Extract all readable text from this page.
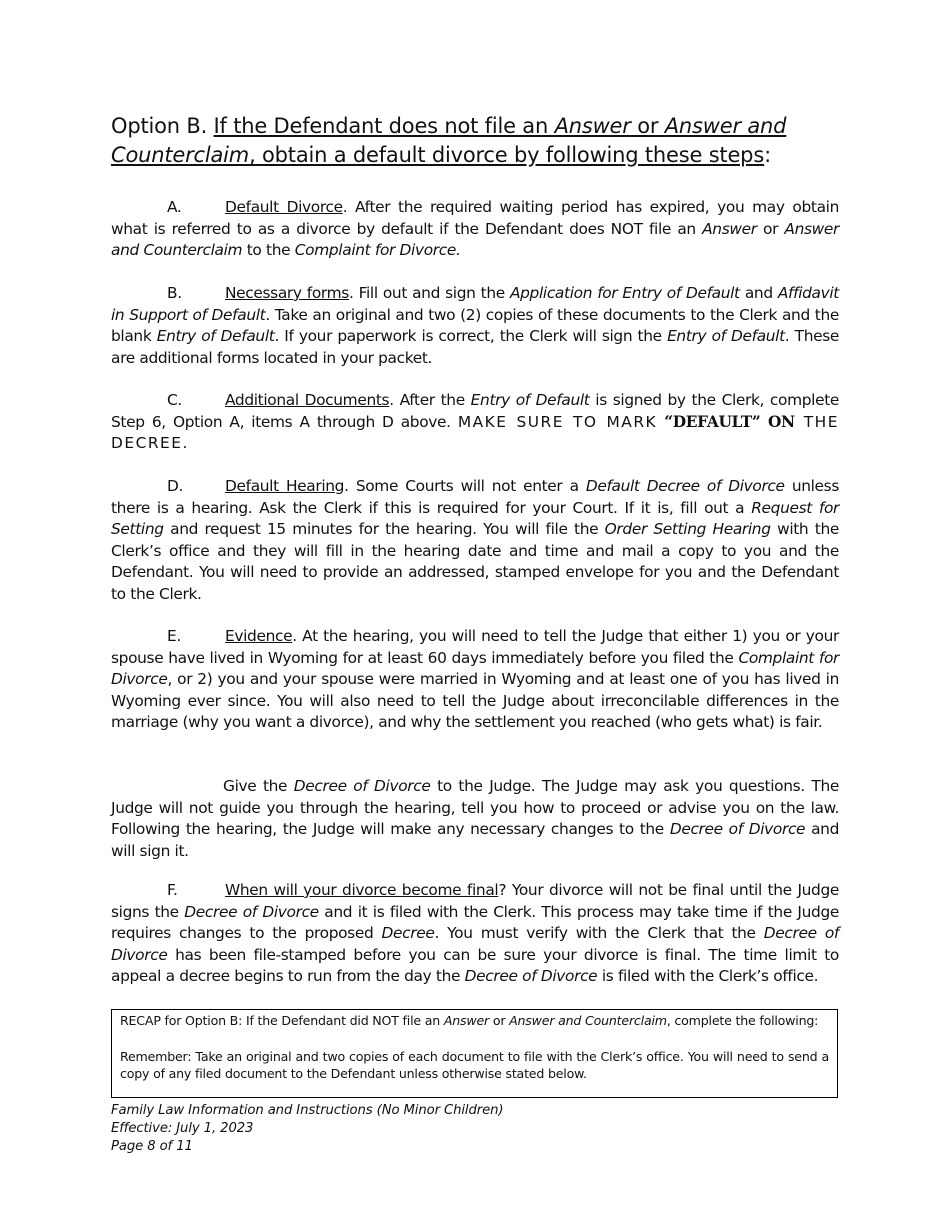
Option B. If the Defendant does not file an Answer or Answer and Counterclaim, obtain a default divorce by following these steps:
A.	Default Divorce. After the required waiting period has expired, you may obtain what is referred to as a divorce by default if the Defendant does NOT file an Answer or Answer and Counterclaim to the Complaint for Divorce.
B.	Necessary forms. Fill out and sign the Application for Entry of Default and Affidavit in Support of Default. Take an original and two (2) copies of these documents to the Clerk and the blank Entry of Default. If your paperwork is correct, the Clerk will sign the Entry of Default. These are additional forms located in your packet.
C.	Additional Documents. After the Entry of Default is signed by the Clerk, complete Step 6, Option A, items A through D above. MAKE SURE TO MARK “DEFAULT” ON THE DECREE.
D.	Default Hearing. Some Courts will not enter a Default Decree of Divorce unless there is a hearing. Ask the Clerk if this is required for your Court. If it is, fill out a Request for Setting and request 15 minutes for the hearing. You will file the Order Setting Hearing with the Clerk’s office and they will fill in the hearing date and time and mail a copy to you and the Defendant. You will need to provide an addressed, stamped envelope for you and the Defendant to the Clerk.
E.	Evidence. At the hearing, you will need to tell the Judge that either 1) you or your spouse have lived in Wyoming for at least 60 days immediately before you filed the Complaint for Divorce, or 2) you and your spouse were married in Wyoming and at least one of you has lived in Wyoming ever since. You will also need to tell the Judge about irreconcilable differences in the marriage (why you want a divorce), and why the settlement you reached (who gets what) is fair.
Give the Decree of Divorce to the Judge. The Judge may ask you questions. The Judge will not guide you through the hearing, tell you how to proceed or advise you on the law. Following the hearing, the Judge will make any necessary changes to the Decree of Divorce and will sign it.
F.	When will your divorce become final? Your divorce will not be final until the Judge signs the Decree of Divorce and it is filed with the Clerk. This process may take time if the Judge requires changes to the proposed Decree. You must verify with the Clerk that the Decree of Divorce has been file-stamped before you can be sure your divorce is final. The time limit to appeal a decree begins to run from the day the Decree of Divorce is filed with the Clerk’s office.

RECAP for Option B: If the Defendant did NOT file an Answer or Answer and Counterclaim, complete the following:

Remember: Take an original and two copies of each document to file with the Clerk’s office. You will need to send a copy of any filed document to the Defendant unless otherwise stated below.

Family Law Information and Instructions (No Minor Children)
Effective: July 1, 2023
Page 8 of 11
